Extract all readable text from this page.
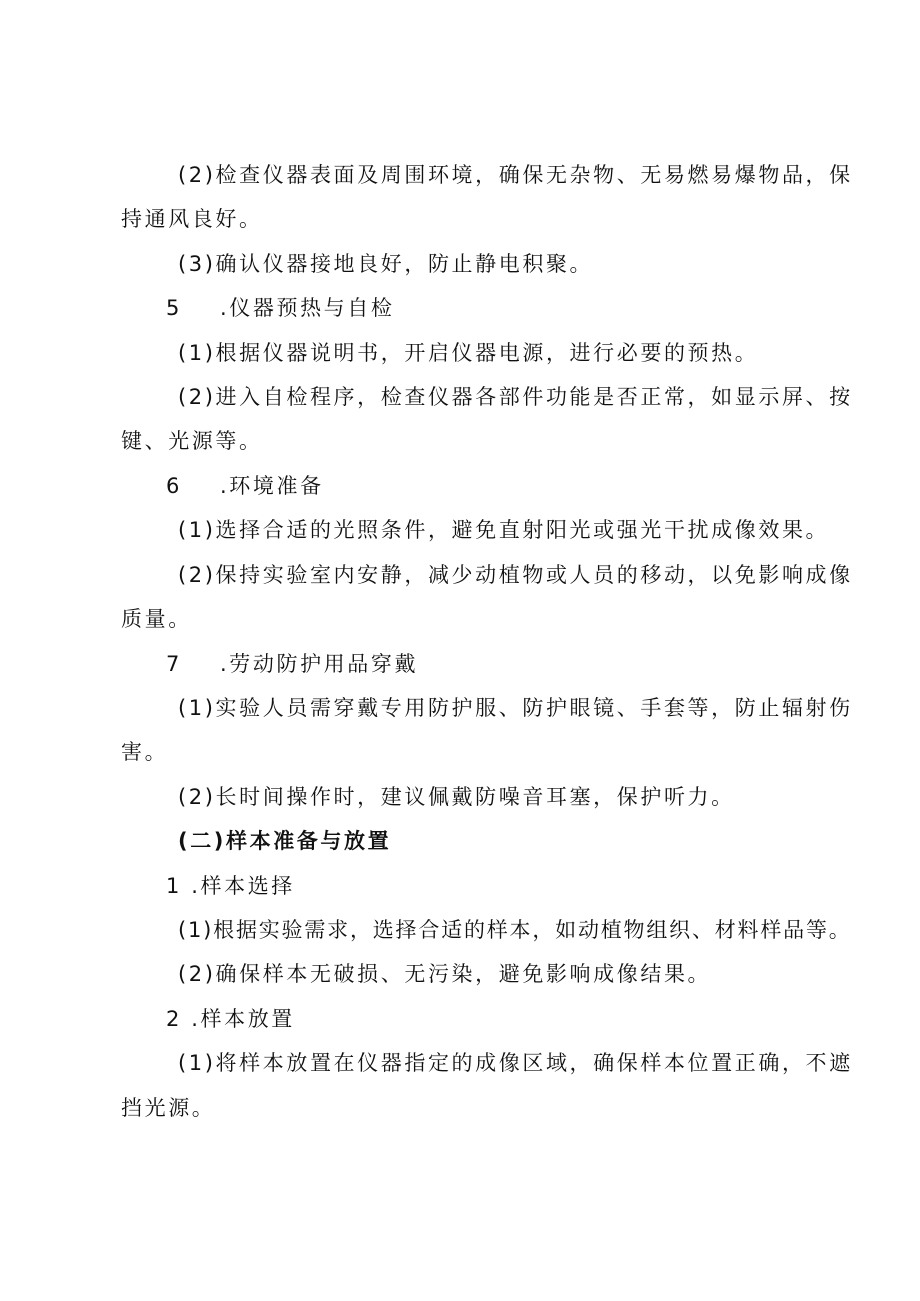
(2)检查仪器表面及周围环境，确保无杂物、无易燃易爆物品，保
持通风良好。
(3)确认仪器接地良好，防止静电积聚。
5 .仪器预热与自检
(1)根据仪器说明书，开启仪器电源，进行必要的预热。
(2)进入自检程序，检查仪器各部件功能是否正常，如显示屏、按
键、光源等。
6 .环境准备
(1)选择合适的光照条件，避免直射阳光或强光干扰成像效果。
(2)保持实验室内安静，减少动植物或人员的移动，以免影响成像
质量。
7 .劳动防护用品穿戴
(1)实验人员需穿戴专用防护服、防护眼镜、手套等，防止辐射伤
害。
(2)长时间操作时，建议佩戴防噪音耳塞，保护听力。
(二)样本准备与放置
1 .样本选择
(1)根据实验需求，选择合适的样本，如动植物组织、材料样品等。
(2)确保样本无破损、无污染，避免影响成像结果。
2 .样本放置
(1)将样本放置在仪器指定的成像区域，确保样本位置正确，不遮
挡光源。
